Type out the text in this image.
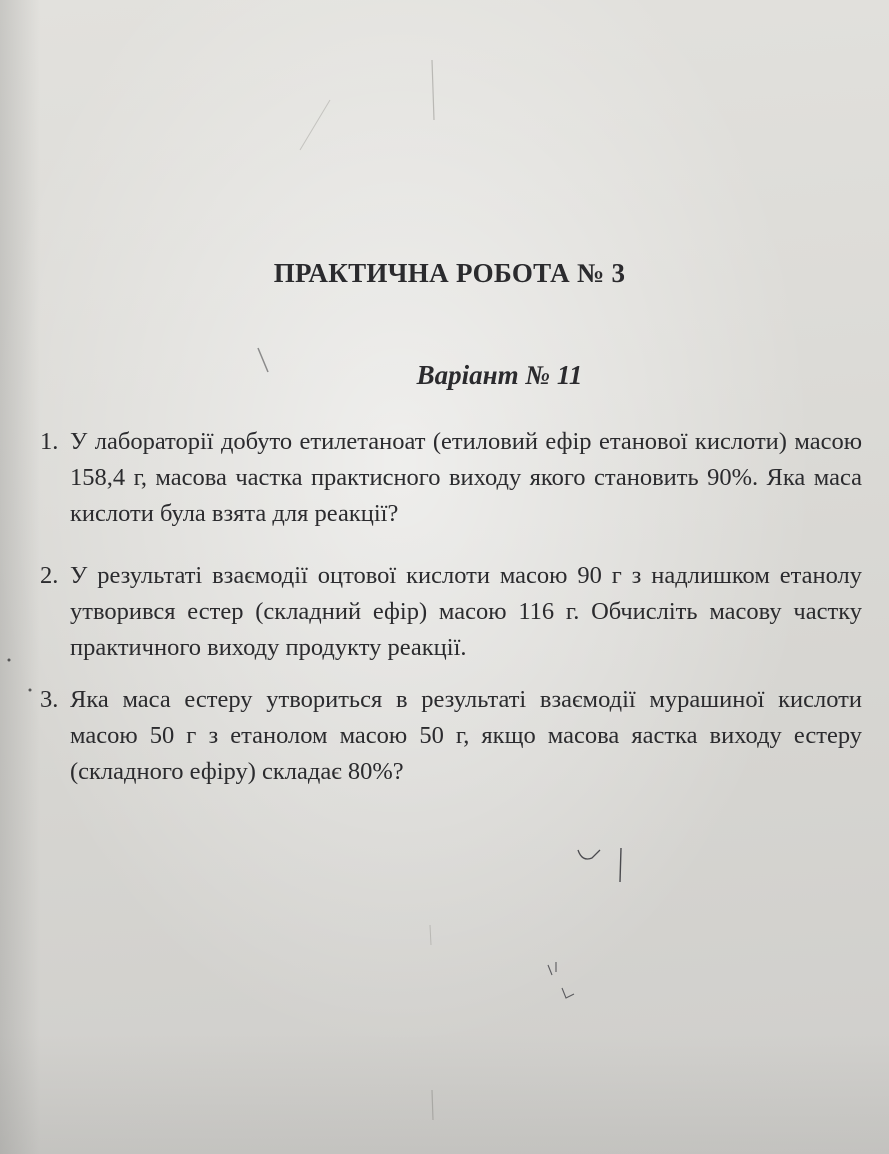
ПРАКТИЧНА РОБОТА № 3
Варіант № 11
1. У лабораторії добуто етилетаноат (етиловий ефір етанової кислоти) масою 158,4 г, масова частка практисного виходу якого становить 90%. Яка маса кислоти була взята для реакції?
2. У результаті взаємодії оцтової кислоти масою 90 г з надлишком етанолу утворився естер (складний ефір) масою 116 г. Обчисліть масову частку практичного виходу продукту реакції.
3. Яка маса естеру утвориться в результаті взаємодії мурашиної кислоти масою 50 г з етанолом масою 50 г, якщо масова яастка виходу естеру (складного ефіру) складає 80%?
